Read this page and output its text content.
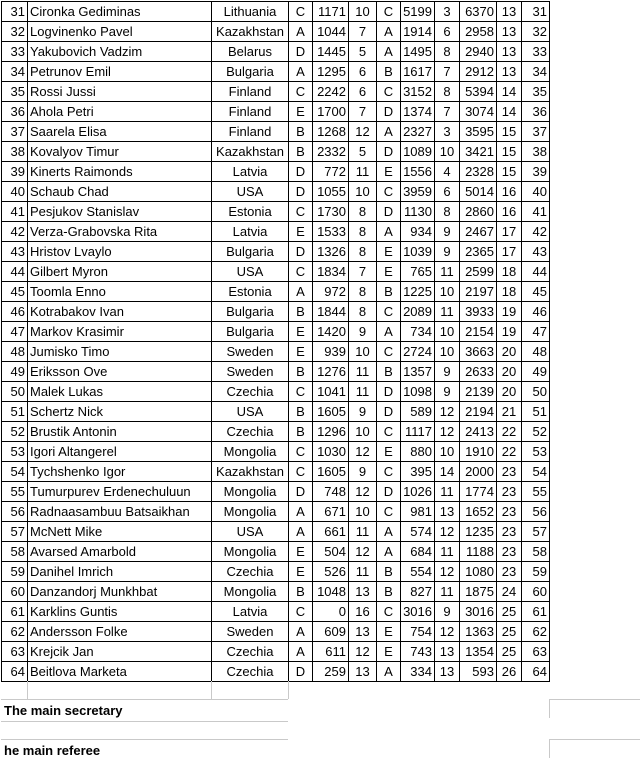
31	Cironka Gediminas	Lithuania	C	1171	10	C	5199	3	6370	13	31
32	Logvinenko Pavel	Kazakhstan	A	1044	7	A	1914	6	2958	13	32
33	Yakubovich Vadzim	Belarus	D	1445	5	A	1495	8	2940	13	33
34	Petrunov Emil	Bulgaria	A	1295	6	B	1617	7	2912	13	34
35	Rossi Jussi	Finland	C	2242	6	C	3152	8	5394	14	35
36	Ahola Petri	Finland	E	1700	7	D	1374	7	3074	14	36
37	Saarela Elisa	Finland	B	1268	12	A	2327	3	3595	15	37
38	Kovalyov Timur	Kazakhstan	B	2332	5	D	1089	10	3421	15	38
39	Kinerts Raimonds	Latvia	D	772	11	E	1556	4	2328	15	39
40	Schaub Chad	USA	D	1055	10	C	3959	6	5014	16	40
41	Pesjukov Stanislav	Estonia	C	1730	8	D	1130	8	2860	16	41
42	Verza-Grabovska Rita	Latvia	E	1533	8	A	934	9	2467	17	42
43	Hristov Lvaylo	Bulgaria	D	1326	8	E	1039	9	2365	17	43
44	Gilbert Myron	USA	C	1834	7	E	765	11	2599	18	44
45	Toomla Enno	Estonia	A	972	8	B	1225	10	2197	18	45
46	Kotrabakov Ivan	Bulgaria	B	1844	8	C	2089	11	3933	19	46
47	Markov Krasimir	Bulgaria	E	1420	9	A	734	10	2154	19	47
48	Jumisko Timo	Sweden	E	939	10	C	2724	10	3663	20	48
49	Eriksson Ove	Sweden	B	1276	11	B	1357	9	2633	20	49
50	Malek Lukas	Czechia	C	1041	11	D	1098	9	2139	20	50
51	Schertz Nick	USA	B	1605	9	D	589	12	2194	21	51
52	Brustik Antonin	Czechia	B	1296	10	C	1117	12	2413	22	52
53	Igori Altangerel	Mongolia	C	1030	12	E	880	10	1910	22	53
54	Tychshenko Igor	Kazakhstan	C	1605	9	C	395	14	2000	23	54
55	Tumurpurev Erdenechuluun	Mongolia	D	748	12	D	1026	11	1774	23	55
56	Radnaasambuu Batsaikhan	Mongolia	A	671	10	C	981	13	1652	23	56
57	McNett Mike	USA	A	661	11	A	574	12	1235	23	57
58	Avarsed Amarbold	Mongolia	E	504	12	A	684	11	1188	23	58
59	Danihel Imrich	Czechia	E	526	11	B	554	12	1080	23	59
60	Danzandorj Munkhbat	Mongolia	B	1048	13	B	827	11	1875	24	60
61	Karklins Guntis	Latvia	C	0	16	C	3016	9	3016	25	61
62	Andersson Folke	Sweden	A	609	13	E	754	12	1363	25	62
63	Krejcik Jan	Czechia	A	611	12	E	743	13	1354	25	63
64	Beitlova Marketa	Czechia	D	259	13	A	334	13	593	26	64
The main secretary
he main referee
